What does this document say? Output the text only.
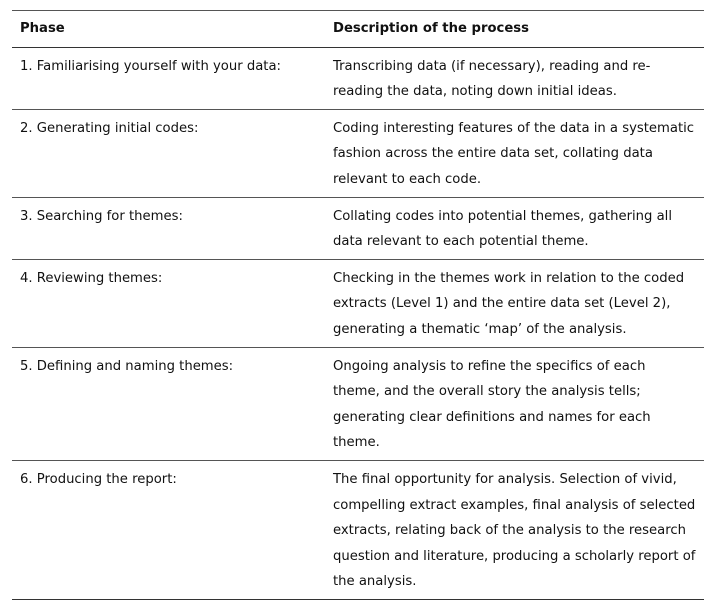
Phase	Description of the process
1. Familiarising yourself with your data:	Transcribing data (if necessary), reading and re-reading the data, noting down initial ideas.
2. Generating initial codes:	Coding interesting features of the data in a systematic fashion across the entire data set, collating data relevant to each code.
3. Searching for themes:	Collating codes into potential themes, gathering all data relevant to each potential theme.
4. Reviewing themes:	Checking in the themes work in relation to the coded extracts (Level 1) and the entire data set (Level 2), generating a thematic ‘map’ of the analysis.
5. Defining and naming themes:	Ongoing analysis to refine the specifics of each theme, and the overall story the analysis tells; generating clear definitions and names for each theme.
6. Producing the report:	The final opportunity for analysis. Selection of vivid, compelling extract examples, final analysis of selected extracts, relating back of the analysis to the research question and literature, producing a scholarly report of the analysis.
